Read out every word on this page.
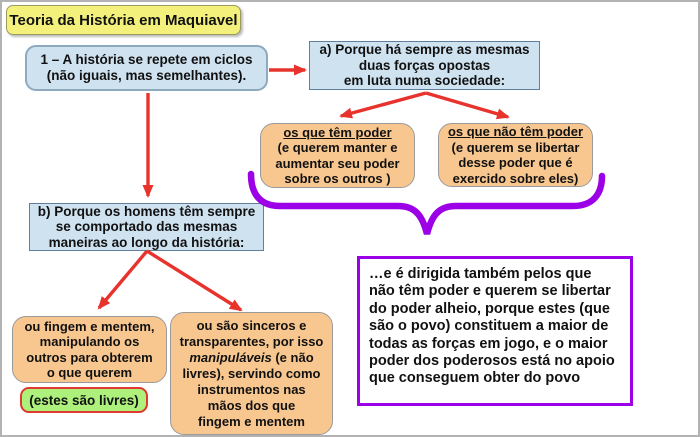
Teoria da História em Maquiavel
1 – A história se repete em ciclos
(não iguais, mas semelhantes).
a) Porque há sempre as mesmas
duas forças opostas
em luta numa sociedade:
os que têm poder
(e querem manter e
aumentar seu poder
sobre os outros )
os que não têm poder
(e querem se libertar
desse poder que é
exercido sobre eles)
b) Porque os homens têm sempre
se comportado das mesmas
maneiras ao longo da história:
ou fingem e mentem,
manipulando os
outros para obterem
o que querem
(estes são livres)
ou são sinceros e
transparentes, por isso
manipuláveis (e não
livres), servindo como
instrumentos nas
mãos dos que
fingem e mentem
…e é dirigida também pelos que não têm poder e querem se libertar do poder alheio, porque estes (que são o povo) constituem a maior de todas as forças em jogo, e o maior poder dos poderosos está no apoio que conseguem obter do povo
